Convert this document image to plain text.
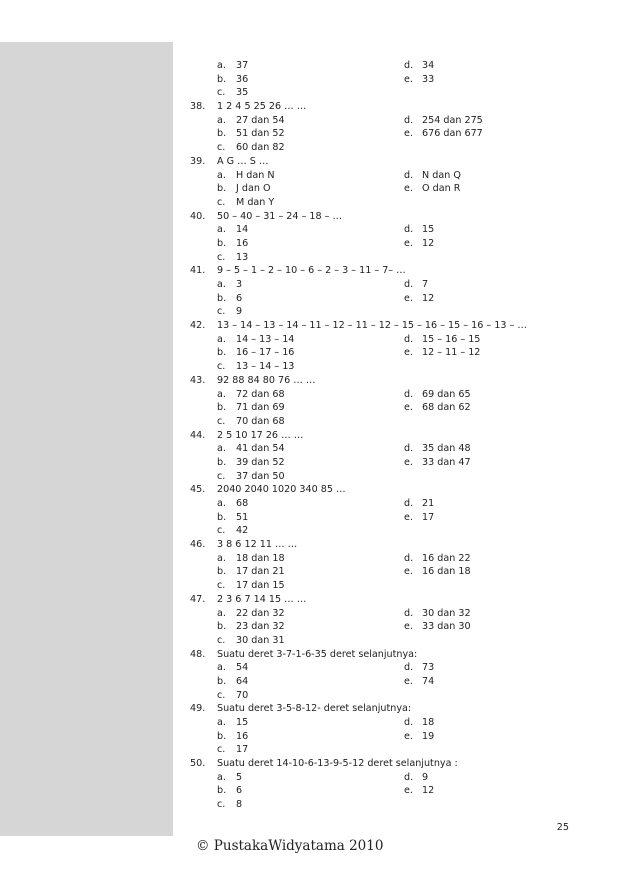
a. 37	d. 34
b. 36	e. 33
c. 35
38. 1 2 4 5 25 26 … …
a. 27 dan 54	d. 254 dan 275
b. 51 dan 52	e. 676 dan 677
c. 60 dan 82
39. A G … S …
a. H dan N	d. N dan Q
b. J dan O	e. O dan R
c. M dan Y
40. 50 – 40 – 31 – 24 – 18 – …
a. 14	d. 15
b. 16	e. 12
c. 13
41. 9 – 5 – 1 – 2 – 10 – 6 – 2 – 3 – 11 – 7– …
a. 3	d. 7
b. 6	e. 12
c. 9
42. 13 – 14 – 13 – 14 – 11 – 12 – 11 – 12 – 15 – 16 – 15 – 16 – 13 – …
a. 14 – 13 – 14	d. 15 – 16 – 15
b. 16 – 17 – 16	e. 12 – 11 – 12
c. 13 – 14 – 13
43. 92 88 84 80 76 … …
a. 72 dan 68	d. 69 dan 65
b. 71 dan 69	e. 68 dan 62
c. 70 dan 68
44. 2 5 10 17 26 … …
a. 41 dan 54	d. 35 dan 48
b. 39 dan 52	e. 33 dan 47
c. 37 dan 50
45. 2040 2040 1020 340 85 …
a. 68	d. 21
b. 51	e. 17
c. 42
46. 3 8 6 12 11 … …
a. 18 dan 18	d. 16 dan 22
b. 17 dan 21	e. 16 dan 18
c. 17 dan 15
47. 2 3 6 7 14 15 … …
a. 22 dan 32	d. 30 dan 32
b. 23 dan 32	e. 33 dan 30
c. 30 dan 31
48. Suatu deret 3-7-1-6-35 deret selanjutnya:
a. 54	d. 73
b. 64	e. 74
c. 70
49. Suatu deret 3-5-8-12- deret selanjutnya:
a. 15	d. 18
b. 16	e. 19
c. 17
50. Suatu deret 14-10-6-13-9-5-12 deret selanjutnya :
a. 5	d. 9
b. 6	e. 12
c. 8
25
© PustakaWidyatama 2010
